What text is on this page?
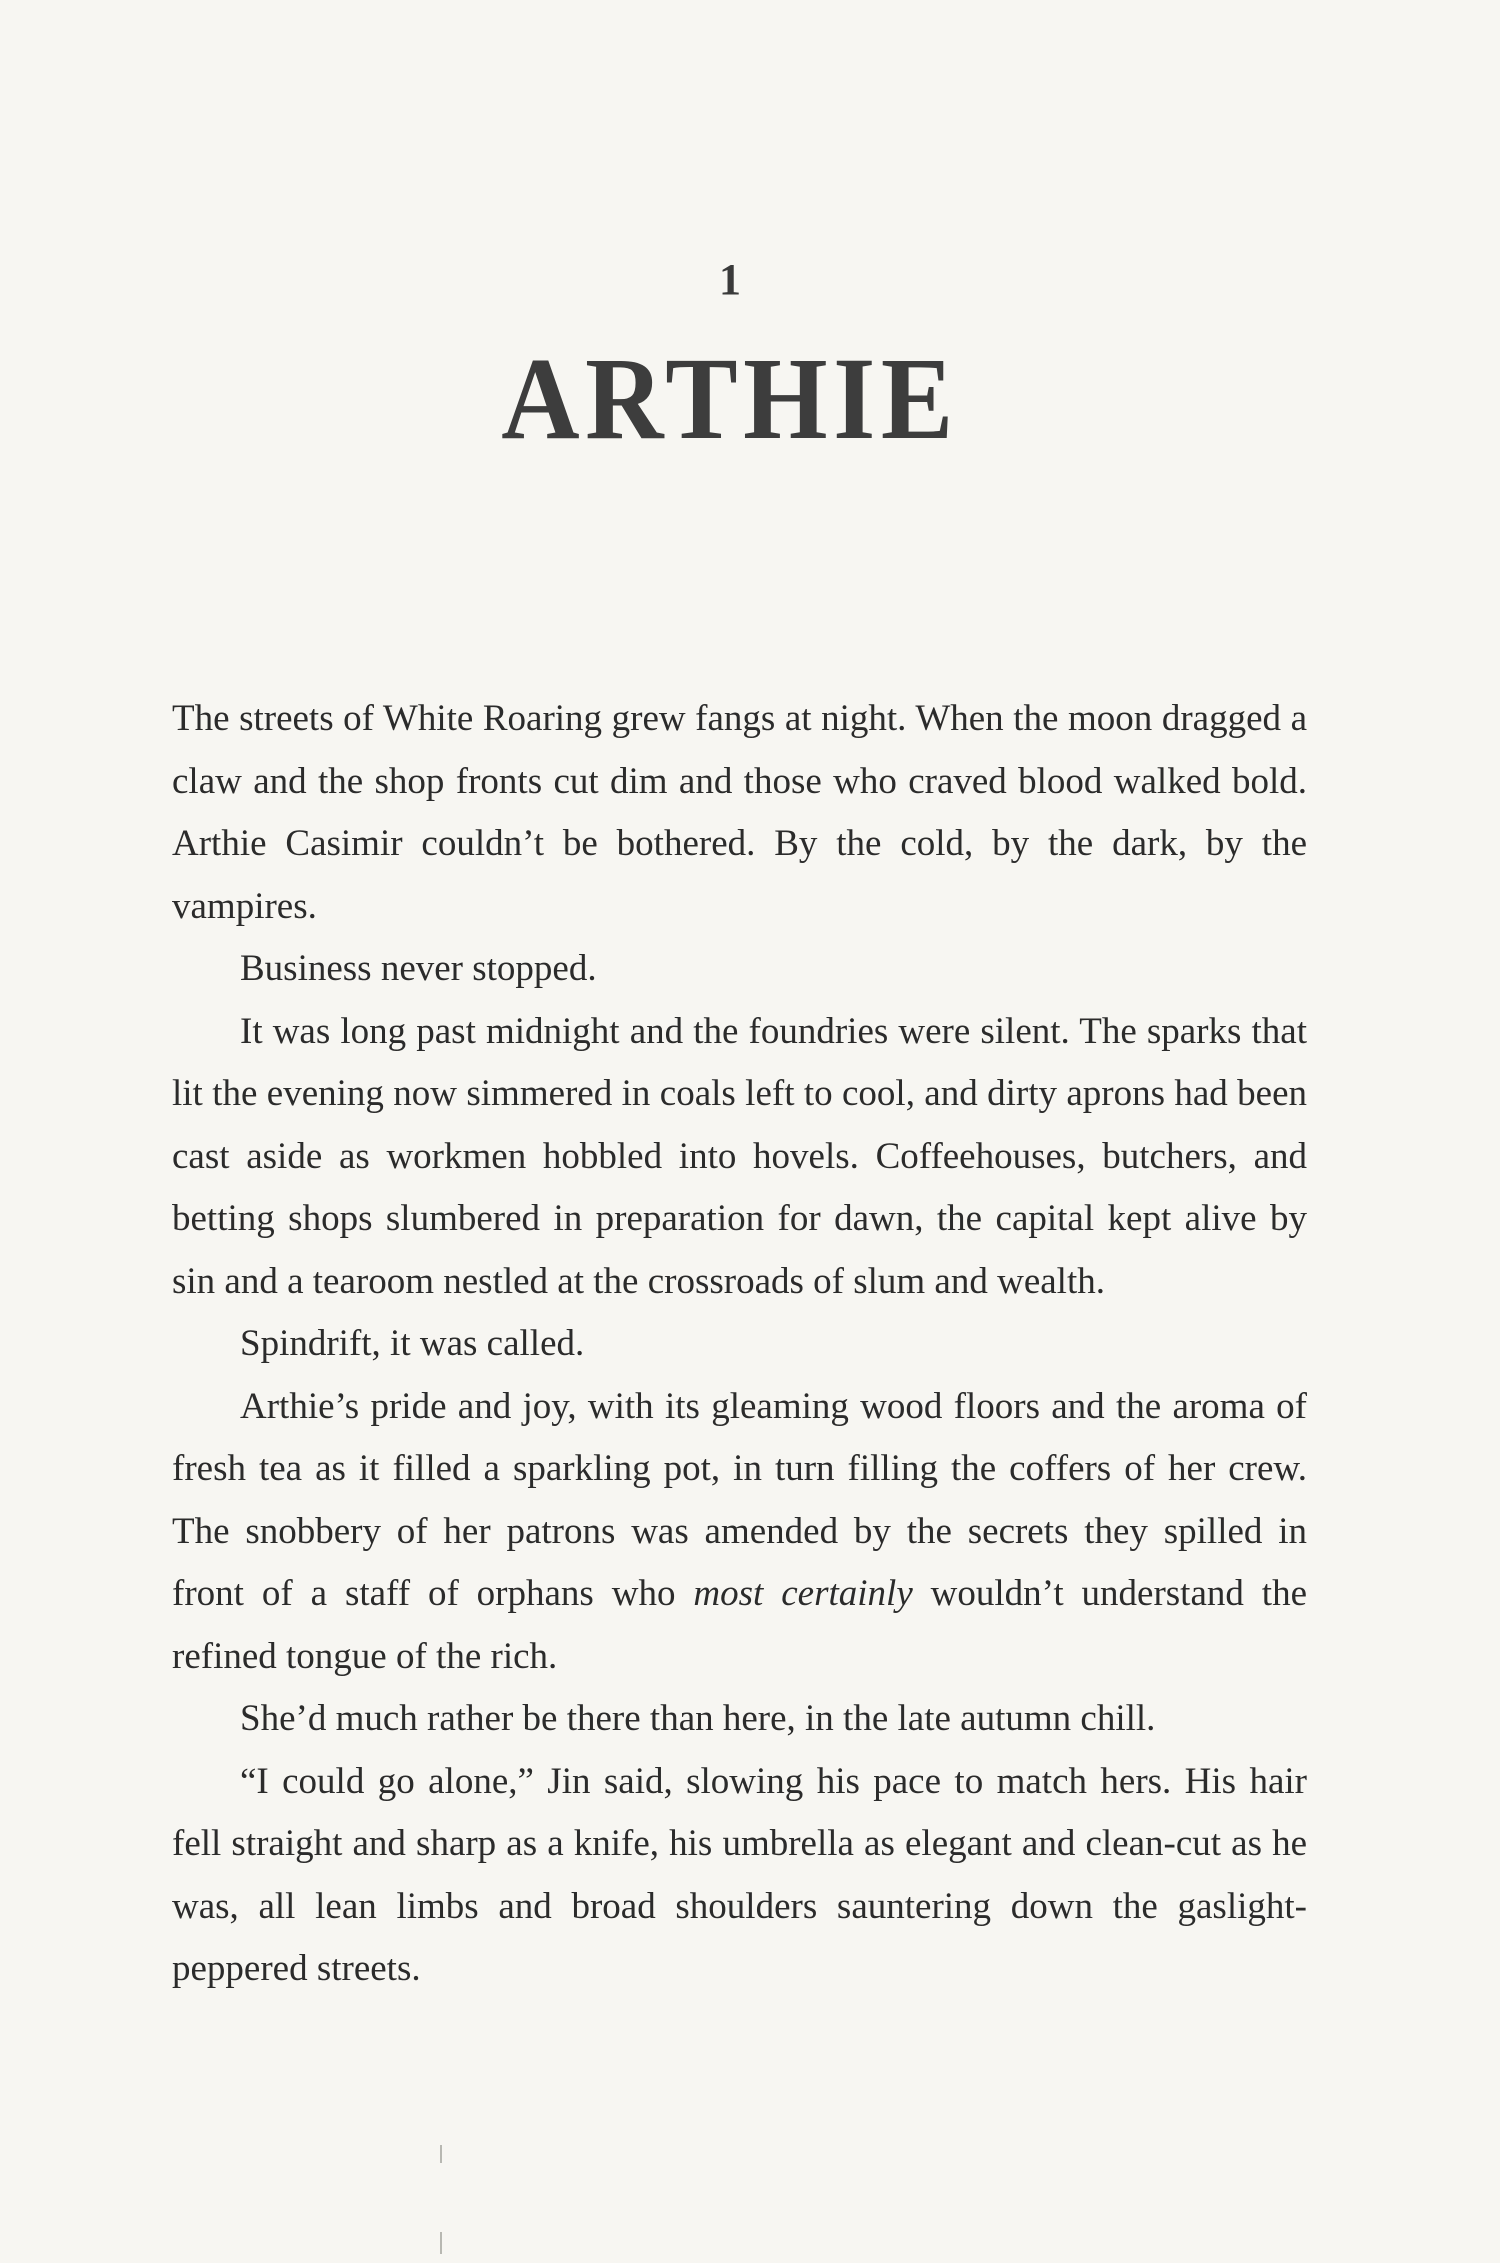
1
ARTHIE

The streets of White Roaring grew fangs at night. When the moon dragged a claw and the shop fronts cut dim and those who craved blood walked bold. Arthie Casimir couldn’t be bothered. By the cold, by the dark, by the vampires.

Business never stopped.

It was long past midnight and the foundries were silent. The sparks that lit the evening now simmered in coals left to cool, and dirty aprons had been cast aside as workmen hobbled into hovels. Coffeehouses, butchers, and betting shops slumbered in preparation for dawn, the capital kept alive by sin and a tearoom nestled at the crossroads of slum and wealth.

Spindrift, it was called.

Arthie’s pride and joy, with its gleaming wood floors and the aroma of fresh tea as it filled a sparkling pot, in turn filling the coffers of her crew. The snobbery of her patrons was amended by the secrets they spilled in front of a staff of orphans who most certainly wouldn’t understand the refined tongue of the rich.

She’d much rather be there than here, in the late autumn chill.

“I could go alone,” Jin said, slowing his pace to match hers. His hair fell straight and sharp as a knife, his umbrella as elegant and clean-cut as he was, all lean limbs and broad shoulders sauntering down the gaslight-peppered streets.
